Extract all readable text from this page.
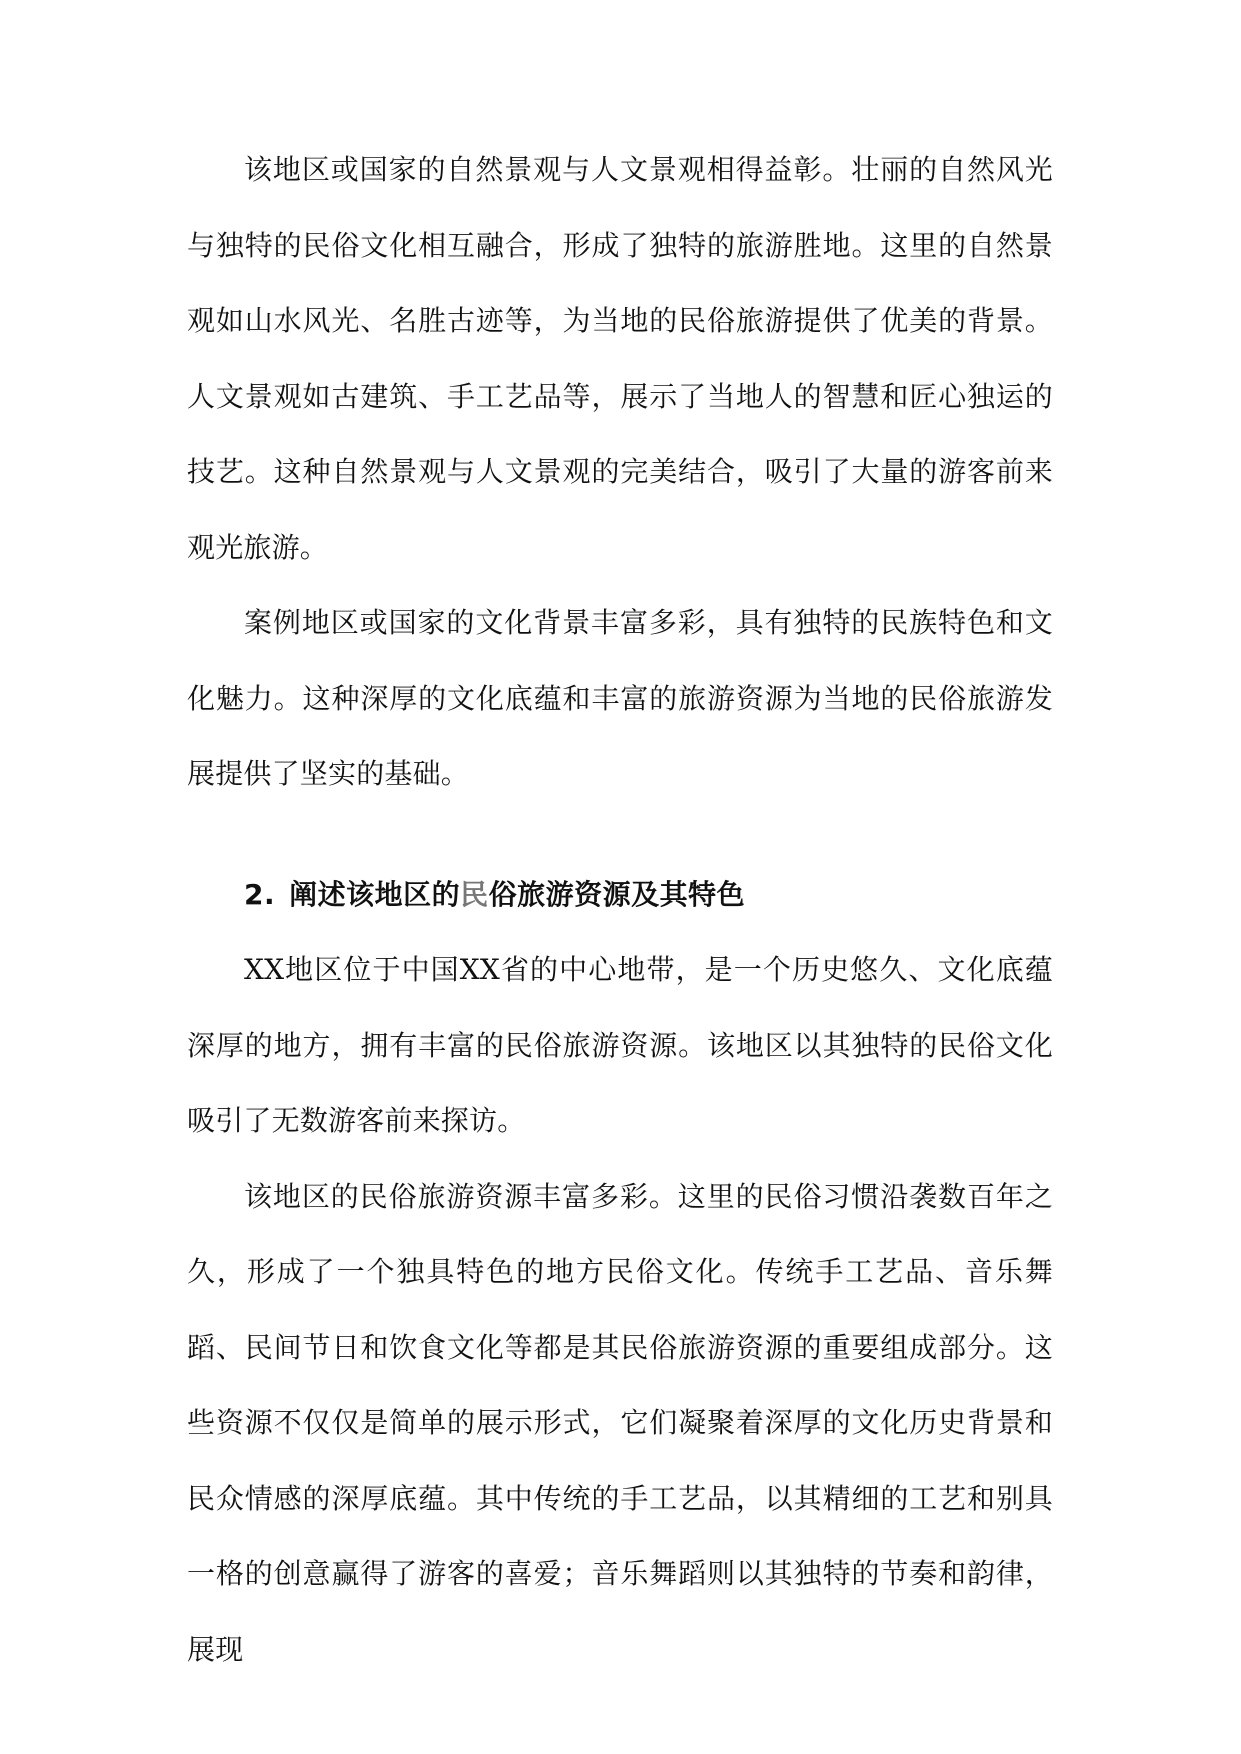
该地区或国家的自然景观与人文景观相得益彰。壮丽的自然风光与独特的民俗文化相互融合，形成了独特的旅游胜地。这里的自然景观如山水风光、名胜古迹等，为当地的民俗旅游提供了优美的背景。人文景观如古建筑、手工艺品等，展示了当地人的智慧和匠心独运的技艺。这种自然景观与人文景观的完美结合，吸引了大量的游客前来观光旅游。

案例地区或国家的文化背景丰富多彩，具有独特的民族特色和文化魅力。这种深厚的文化底蕴和丰富的旅游资源为当地的民俗旅游发展提供了坚实的基础。

2. 阐述该地区的民俗旅游资源及其特色

XX地区位于中国XX省的中心地带，是一个历史悠久、文化底蕴深厚的地方，拥有丰富的民俗旅游资源。该地区以其独特的民俗文化吸引了无数游客前来探访。

该地区的民俗旅游资源丰富多彩。这里的民俗习惯沿袭数百年之久，形成了一个独具特色的地方民俗文化。传统手工艺品、音乐舞蹈、民间节日和饮食文化等都是其民俗旅游资源的重要组成部分。这些资源不仅仅是简单的展示形式，它们凝聚着深厚的文化历史背景和民众情感的深厚底蕴。其中传统的手工艺品，以其精细的工艺和别具一格的创意赢得了游客的喜爱；音乐舞蹈则以其独特的节奏和韵律，展现
